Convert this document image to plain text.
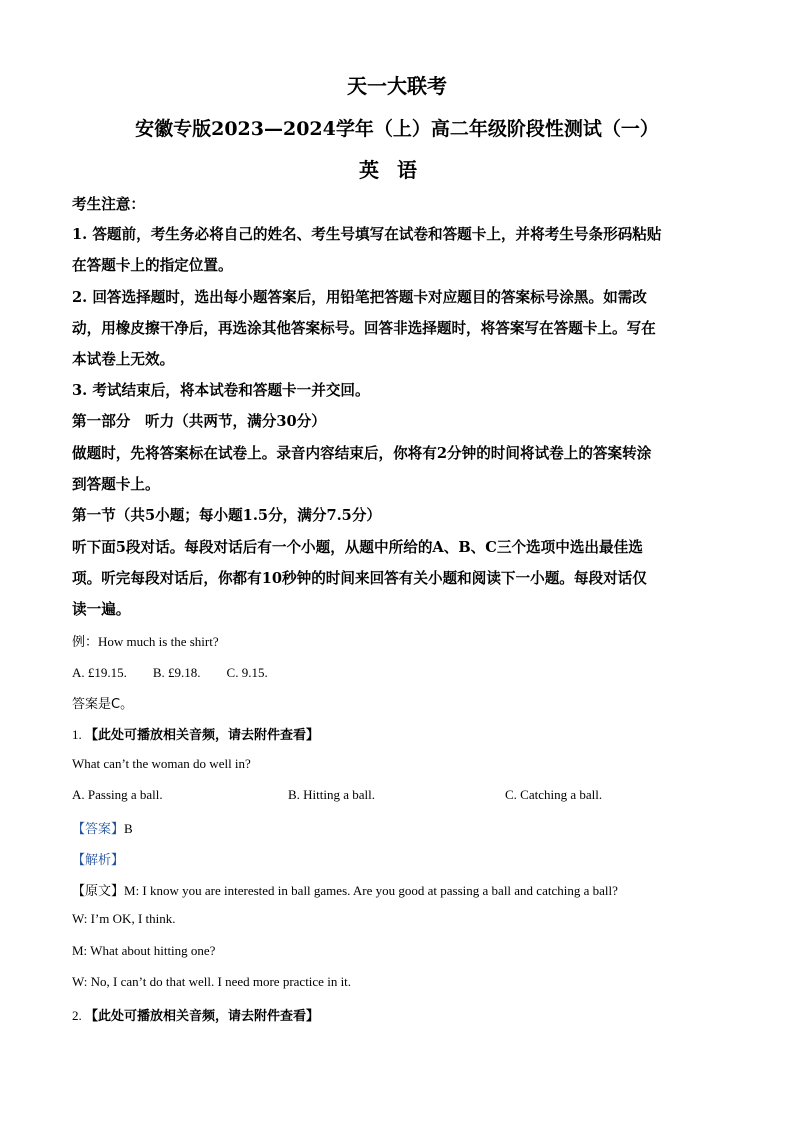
天一大联考
安徽专版2023—2024学年（上）高二年级阶段性测试（一）
英语
考生注意：
1. 答题前，考生务必将自己的姓名、考生号填写在试卷和答题卡上，并将考生号条形码粘贴
在答题卡上的指定位置。
2. 回答选择题时，选出每小题答案后，用铅笔把答题卡对应题目的答案标号涂黑。如需改
动，用橡皮擦干净后，再选涂其他答案标号。回答非选择题时，将答案写在答题卡上。写在
本试卷上无效。
3. 考试结束后，将本试卷和答题卡一并交回。
第一部分　听力（共两节，满分30分）
做题时，先将答案标在试卷上。录音内容结束后，你将有2分钟的时间将试卷上的答案转涂
到答题卡上。
第一节（共5小题；每小题1.5分，满分7.5分）
听下面5段对话。每段对话后有一个小题，从题中所给的A、B、C三个选项中选出最佳选
项。听完每段对话后，你都有10秒钟的时间来回答有关小题和阅读下一小题。每段对话仅
读一遍。
例：How much is the shirt?
A. £19.15.　　B. £9.18.　　C. 9.15.
答案是C。
1. 【此处可播放相关音频，请去附件查看】
What can’t the woman do well in?
A. Passing a ball.	B. Hitting a ball.	C. Catching a ball.
【答案】B
【解析】
【原文】M: I know you are interested in ball games. Are you good at passing a ball and catching a ball?
W: I’m OK, I think.
M: What about hitting one?
W: No, I can’t do that well. I need more practice in it.
2. 【此处可播放相关音频，请去附件查看】
